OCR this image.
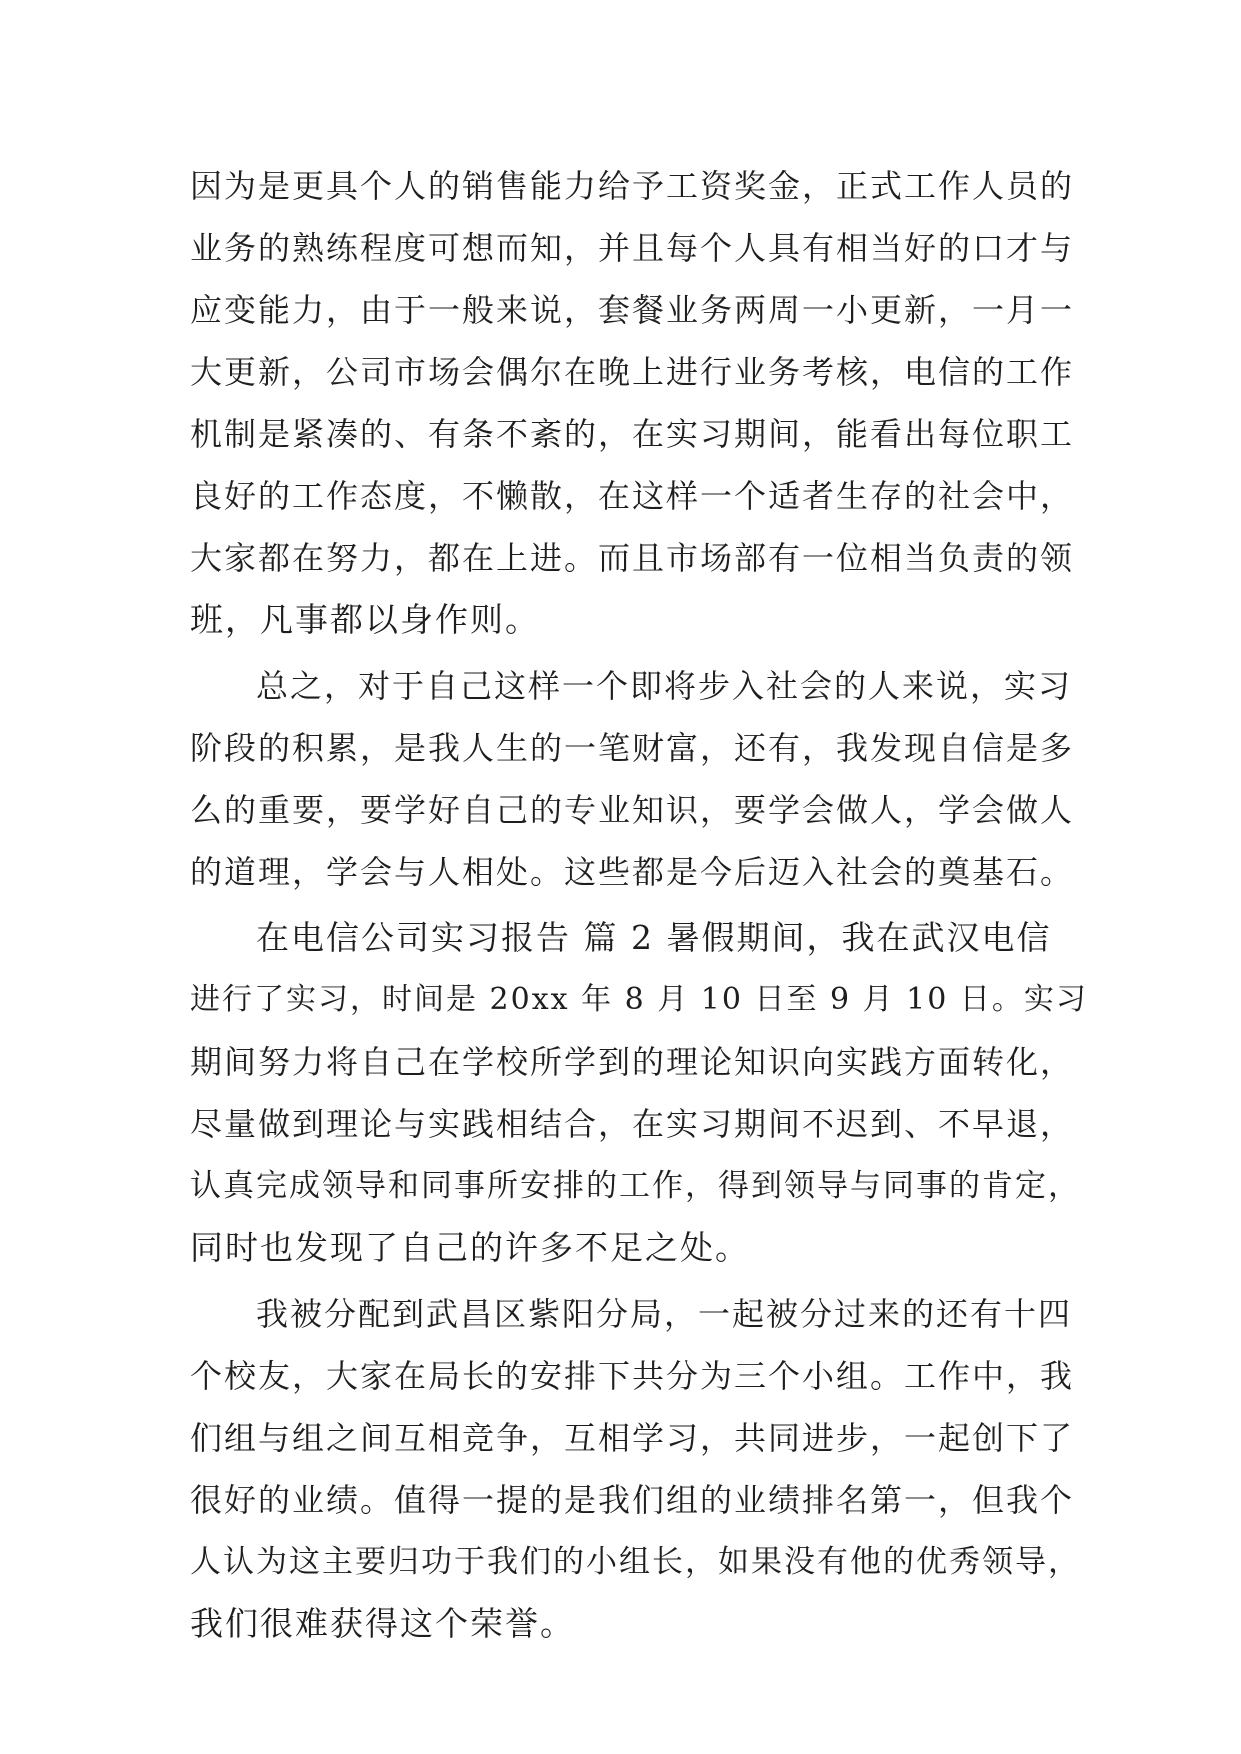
因为是更具个人的销售能力给予工资奖金，正式工作人员的

业务的熟练程度可想而知，并且每个人具有相当好的口才与

应变能力，由于一般来说，套餐业务两周一小更新，一月一

大更新，公司市场会偶尔在晚上进行业务考核，电信的工作

机制是紧凑的、有条不紊的，在实习期间，能看出每位职工

良好的工作态度，不懒散，在这样一个适者生存的社会中，

大家都在努力，都在上进。而且市场部有一位相当负责的领

班，凡事都以身作则。

总之，对于自己这样一个即将步入社会的人来说，实习

阶段的积累，是我人生的一笔财富，还有，我发现自信是多

么的重要，要学好自己的专业知识，要学会做人，学会做人

的道理，学会与人相处。这些都是今后迈入社会的奠基石。

在电信公司实习报告 篇 2 暑假期间，我在武汉电信

进行了实习，时间是 20xx 年 8 月 10 日至 9 月 10 日。实习

期间努力将自己在学校所学到的理论知识向实践方面转化，

尽量做到理论与实践相结合，在实习期间不迟到、不早退，

认真完成领导和同事所安排的工作，得到领导与同事的肯定，

同时也发现了自己的许多不足之处。

我被分配到武昌区紫阳分局，一起被分过来的还有十四

个校友，大家在局长的安排下共分为三个小组。工作中，我

们组与组之间互相竞争，互相学习，共同进步，一起创下了

很好的业绩。值得一提的是我们组的业绩排名第一，但我个

人认为这主要归功于我们的小组长，如果没有他的优秀领导，

我们很难获得这个荣誉。
